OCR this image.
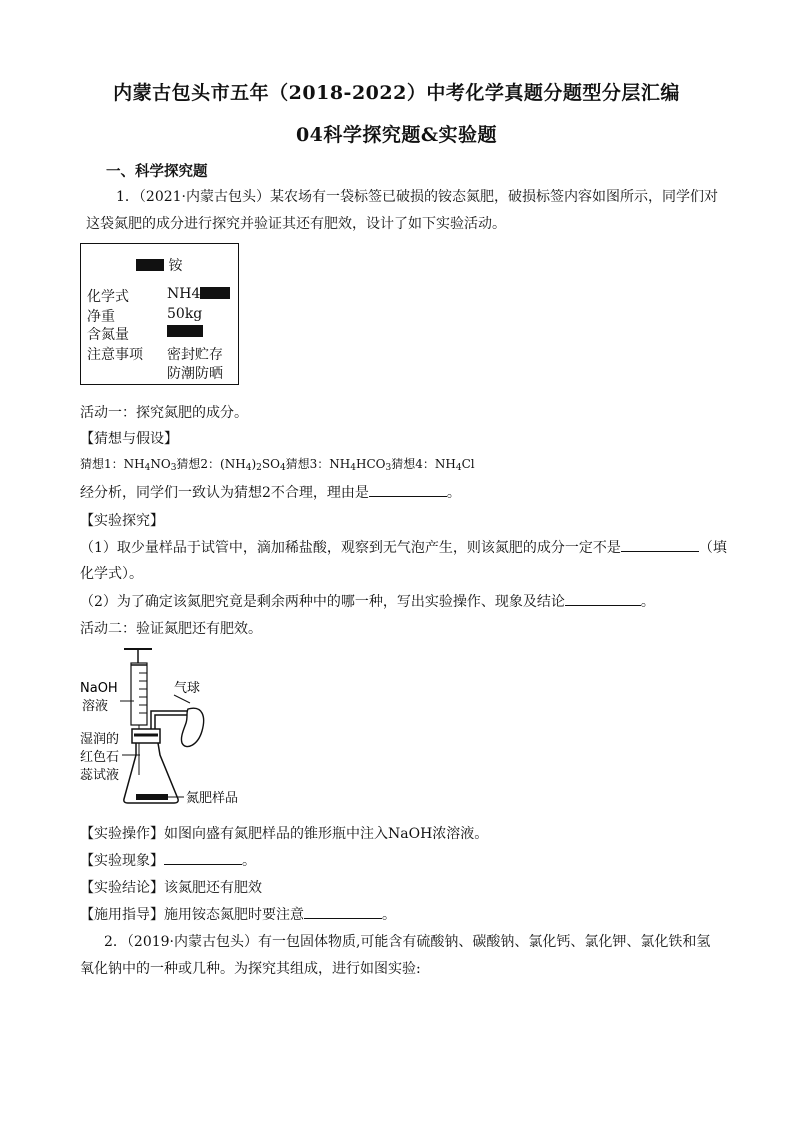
内蒙古包头市五年（2018-2022）中考化学真题分题型分层汇编
04科学探究题&实验题
一、科学探究题
1．（2021·内蒙古包头）某农场有一袋标签已破损的铵态氮肥，破损标签内容如图所示，同学们对
这袋氮肥的成分进行探究并验证其还有肥效，设计了如下实验活动。
铵
化学式	NH4
净重	50kg
含氮量
注意事项 密封贮存
防潮防晒
活动一：探究氮肥的成分。
【猜想与假设】
猜想1：$NH_4NO_3$猜想2：$(NH_4)_2SO_4$猜想3：$NH_4HCO_3$猜想4：$NH_4Cl$
经分析，同学们一致认为猜想2不合理，理由是	。
【实验探究】
（1）取少量样品于试管中，滴加稀盐酸，观察到无气泡产生，则该氮肥的成分一定不是	（填
化学式）。
（2）为了确定该氮肥究竟是剩余两种中的哪一种，写出实验操作、现象及结论	。
活动二：验证氮肥还有肥效。
NaOH
溶液
气球
湿润的
红色石
蕊试液
氮肥样品
【实验操作】如图向盛有氮肥样品的锥形瓶中注入NaOH浓溶液。
【实验现象】	。
【实验结论】该氮肥还有肥效
【施用指导】施用铵态氮肥时要注意	。
2．（2019·内蒙古包头）有一包固体物质,可能含有硫酸钠、碳酸钠、氯化钙、氯化钾、氯化铁和氢
氧化钠中的一种或几种。为探究其组成，进行如图实验:
